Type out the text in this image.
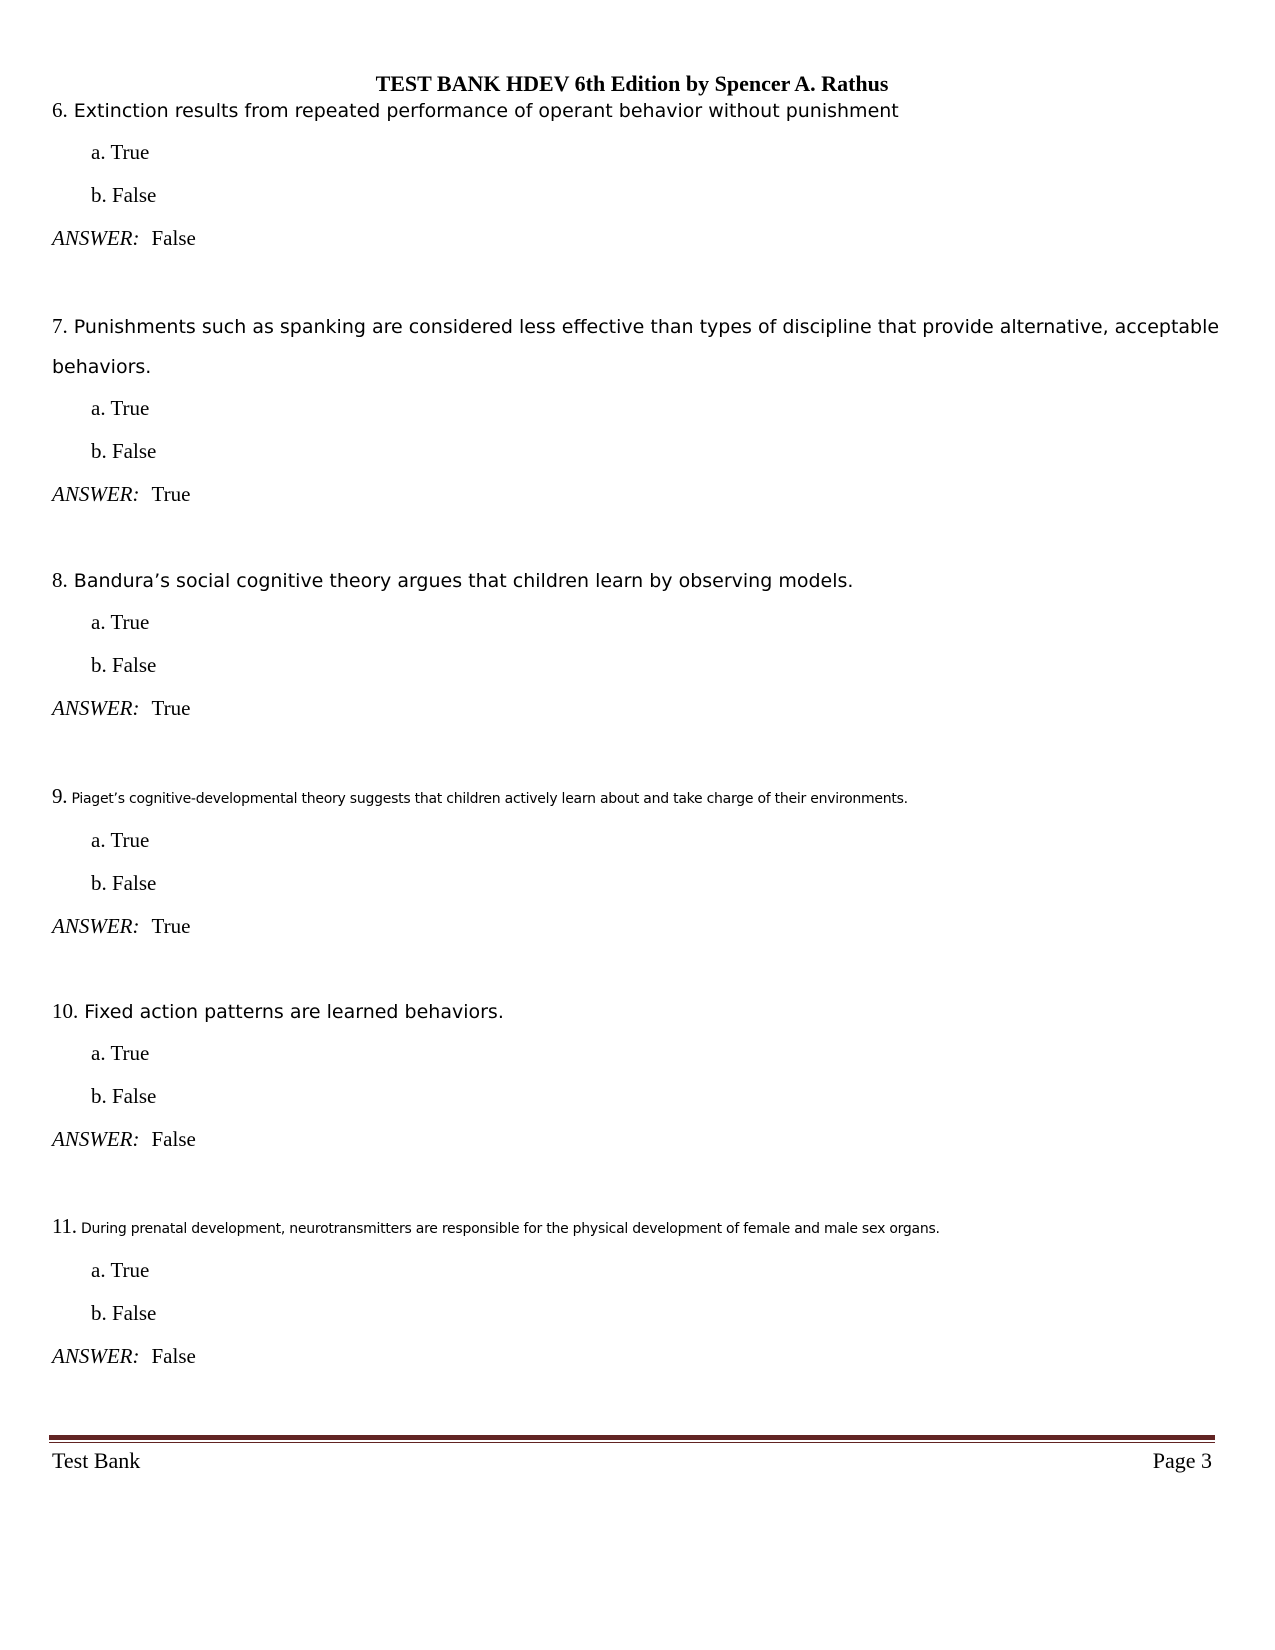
TEST BANK HDEV 6th Edition by Spencer A. Rathus
6. Extinction results from repeated performance of operant behavior without punishment
a. True
b. False
ANSWER: False
7. Punishments such as spanking are considered less effective than types of discipline that provide alternative, acceptable behaviors.
a. True
b. False
ANSWER: True
8. Bandura’s social cognitive theory argues that children learn by observing models.
a. True
b. False
ANSWER: True
9. Piaget’s cognitive-developmental theory suggests that children actively learn about and take charge of their environments.
a. True
b. False
ANSWER: True
10. Fixed action patterns are learned behaviors.
a. True
b. False
ANSWER: False
11. During prenatal development, neurotransmitters are responsible for the physical development of female and male sex organs.
a. True
b. False
ANSWER: False
Test Bank	Page 3
